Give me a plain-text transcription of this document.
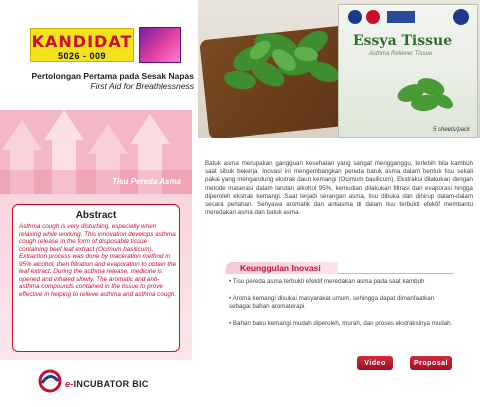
KANDIDAT
5026 - 009
Pertolongan Pertama pada Sesak Napas
First Aid for Breathlessness
Tisu Pereda Asma
Abstract

Asthma cough is very disturbing, especially when relaxing while working. This innovation develops asthma cough release in the form of disposable tissue containing beef leaf extract (Ocimum basilicum). Extraction process was done by maceration method in 95% alcohol, then filtration and evaporation to obtain the leaf extract. During the asthma release, medicine is opened and inhaled slowly. The aromatic and anti-asthma compounds contained in the tissue to prove effective in helping to relieve asthma and asthma cough.

e-INCUBATOR BIC
Essya Tissue
Asthma Reliever Tissue
5 sheets/pack
Batuk asma merupakan gangguan kesehatan yang sangat mengganggu, terlebih bila kambuh saat sibuk bekerja. Inovasi ini mengembangkan pereda batuk asma dalam bentuk tisu sekali pakai yang mengandung ekstrak daun kemangi (Ocimum basilicum). Ekstraksi dilakukan dengan metode maserasi dalam larutan alkohol 95%, kemudian dilakukan filtrasi dan evaporasi hingga diperoleh ekstrak kemangi. Saat terjadi serangan asma, tisu dibuka dan dihirup dalam-dalam secara perlahan. Senyawa aromatik dan antiasma di dalam tisu terbukti efektif membantu meredakan asma dan batuk asma.
Keunggulan Inovasi
• Tisu pereda asma terbukti efektif meredakan asma pada saat kambuh
• Aroma kemangi disukai masyarakat umum, sehingga dapat dimanfaatkan sebagai bahan aromaterapi.
• Bahan baku kemangi mudah diperoleh, murah, dan proses ekstraksinya mudah.
Video	Proposal
